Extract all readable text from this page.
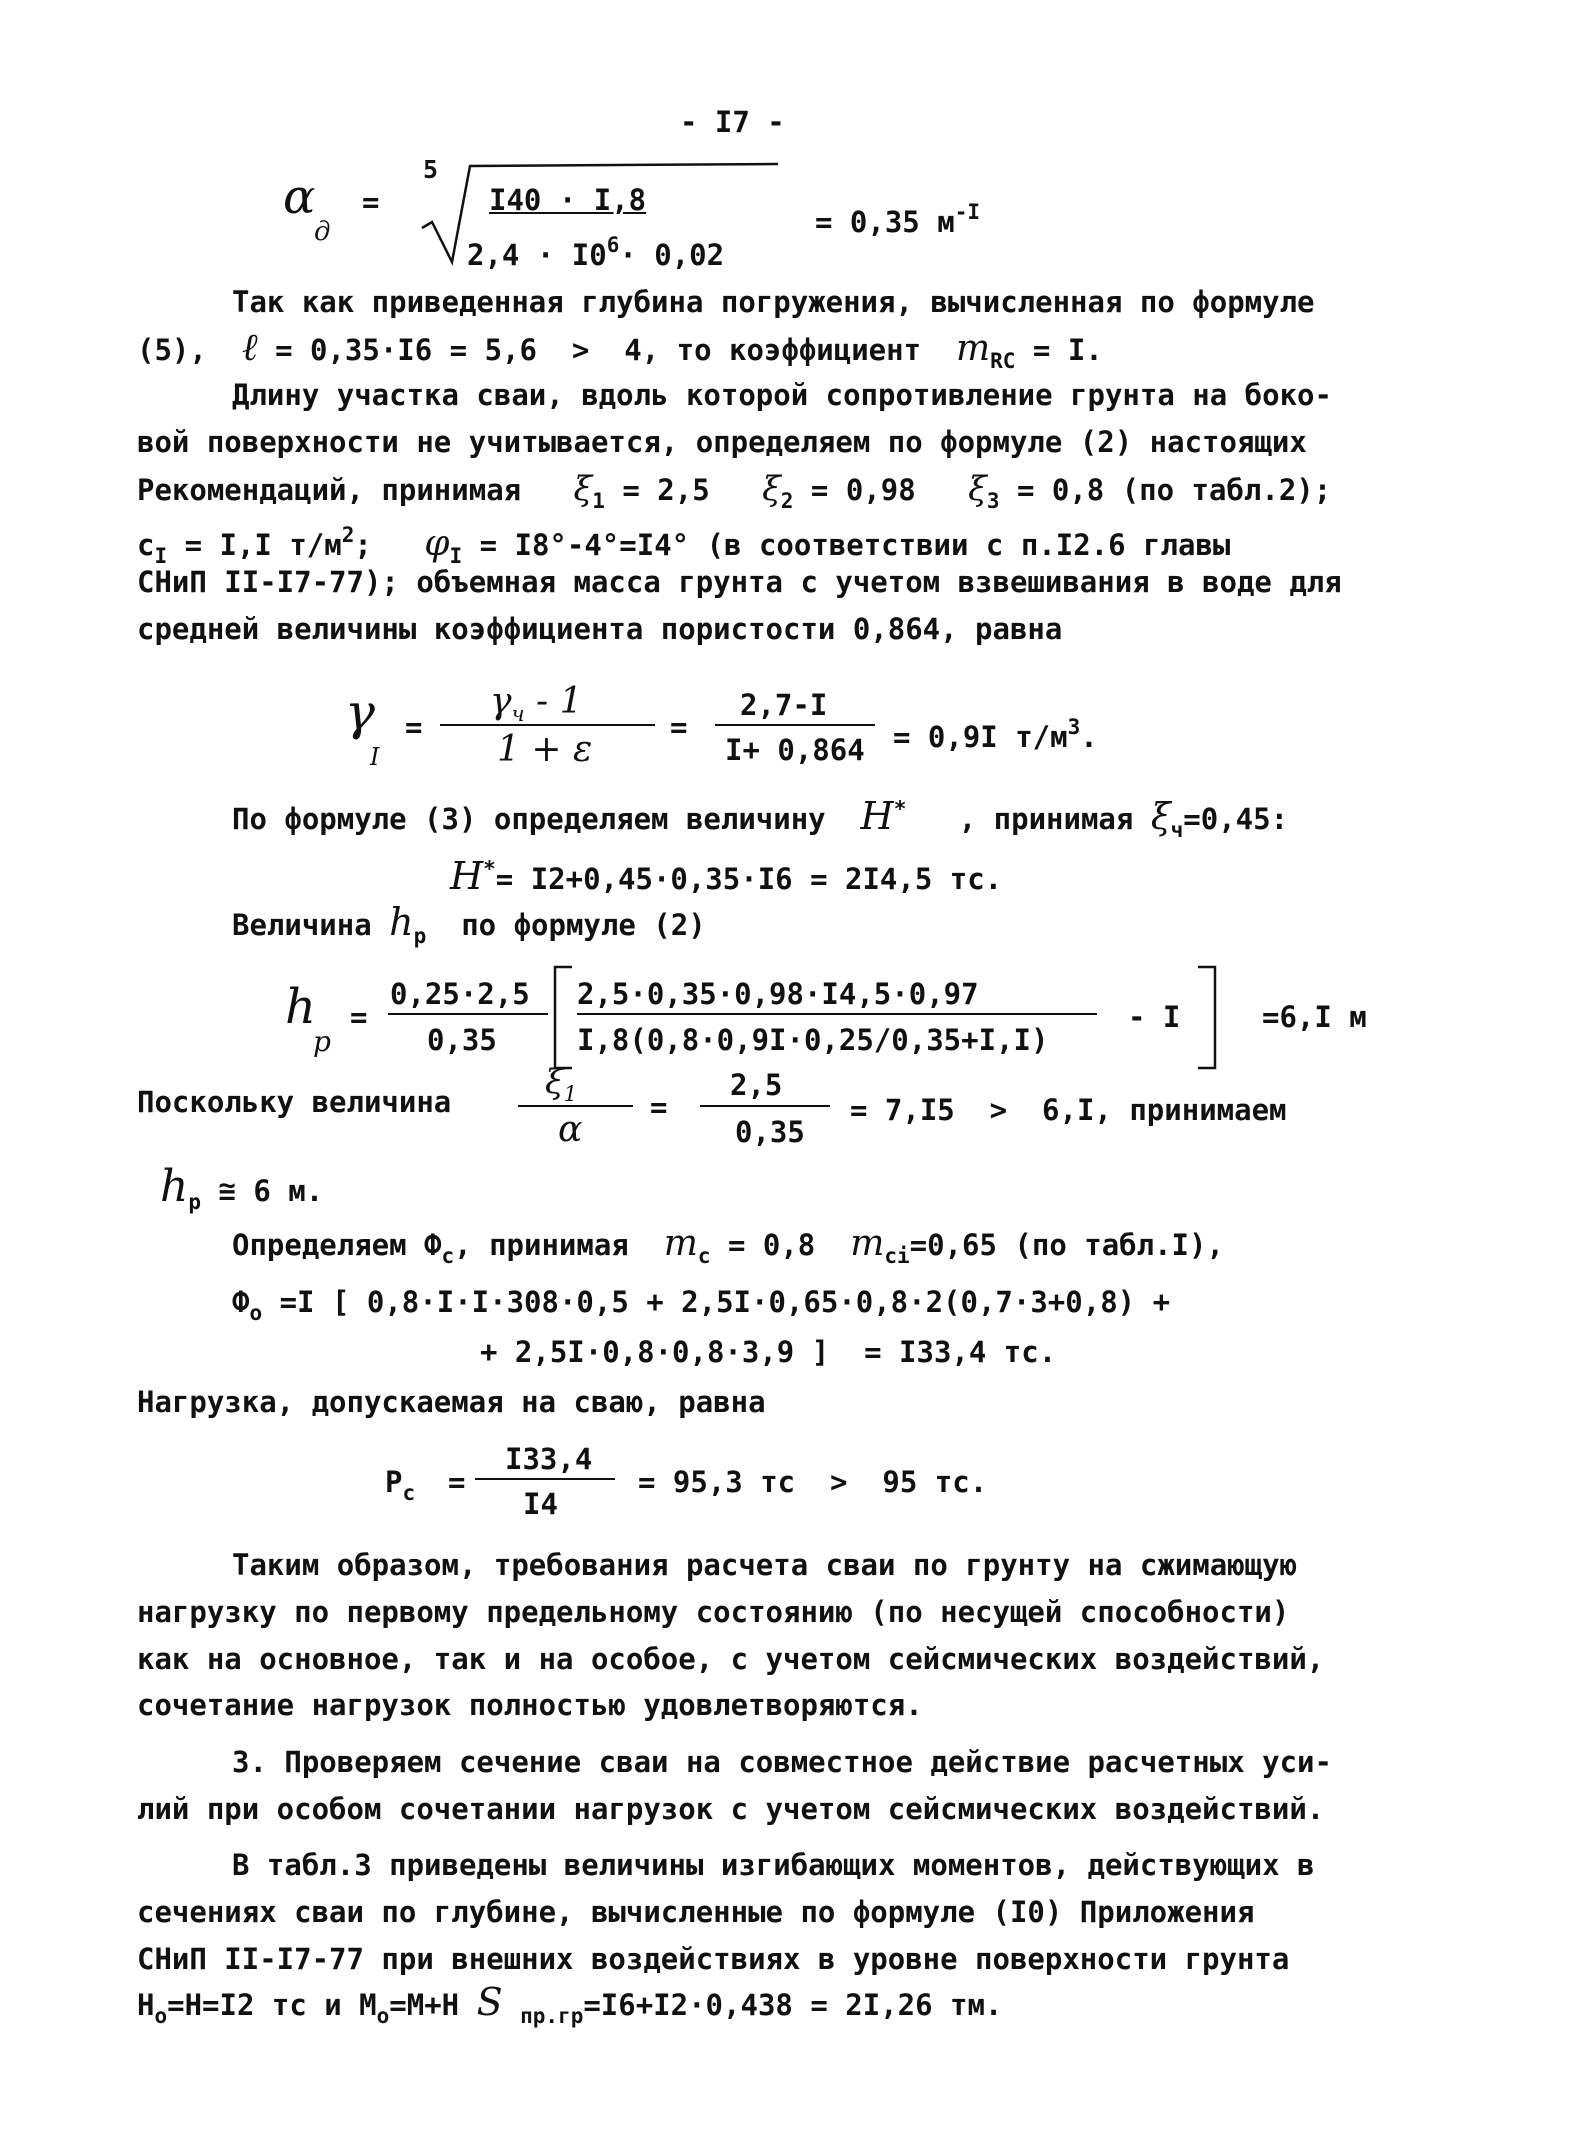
- I7 -
α
д
=
5
I40 · I,8
$2,4 \cdot I0^6\cdot 0,02$
= 0,35 $м^{-I}$
Так как приведенная глубина погружения, вычисленная по формуле
(5), ℓ = 0,35·I6 = 5,6  >  4, то коэффициент $m_{RC} = I$.
Длину участка сваи, вдоль которой сопротивление грунта на боко-
вой поверхности не учитывается, определяем по формуле (2) настоящих
Рекомендаций, принимая $\xi_1 = 2,5$ $\xi_2 = 0,98$ $\xi_3 = 0,8$ (по табл.2);
$c_I = I,I$ $т/м^2$; $\varphi_I = I8^\circ-4^\circ=I4^\circ$ (в соответствии с п.I2.6 главы
СНиП II-I7-77); объемная масса грунта с учетом взвешивания в воде для
средней величины коэффициента пористости 0,864, равна
γ
I
=
$\gamma_ч - 1$
1 + ε
=
2,7-I
I+ 0,864 = 0,9I $т/м^3$.
По формуле (3) определяем величину H* , принимая $\xi_ч=0,45$:
H*= I2+0,45·0,35·I6 = 2I4,5 тс.
Величина $h_p$ по формуле (2)
h
p
=
0,25·2,5
0,35
2,5·0,35·0,98·I4,5·0,97
I,8(0,8·0,9I·0,25/0,35+I,I)
- I	=6,I м
Поскольку величина	$\xi_1$
α
=
2,5
0,35
= 7,I5  >  6,I, принимаем
$h_p$ ≅ 6 м.
Определяем $Ф_с$, принимая $m_c = 0,8$ $m_{ci}=0,65$ (по табл.I),
$Ф_о =I$ [ 0,8·I·I·308·0,5 + 2,5I·0,65·0,8·2(0,7·3+0,8) +
+ 2,5I·0,8·0,8·3,9 ]  = I33,4 тс.
Нагрузка, допускаемая на сваю, равна
$P_с$ =
I33,4
I4
= 95,3 тс  >  95 тс.
Таким образом, требования расчета сваи по грунту на сжимающую
нагрузку по первому предельному состоянию (по несущей способности)
как на основное, так и на особое, с учетом сейсмических воздействий,
сочетание нагрузок полностью удовлетворяются.
3. Проверяем сечение сваи на совместное действие расчетных уси-
лий при особом сочетании нагрузок с учетом сейсмических воздействий.
В табл.3 приведены величины изгибающих моментов, действующих в
сечениях сваи по глубине, вычисленные по формуле (I0) Приложения
СНиП II-I7-77 при внешних воздействиях в уровне поверхности грунта
$H_о=H=I2$ тс и $M_о=M+H$ S $_{пр.гр}$=I6+I2·0,438 = 2I,26 тм.
